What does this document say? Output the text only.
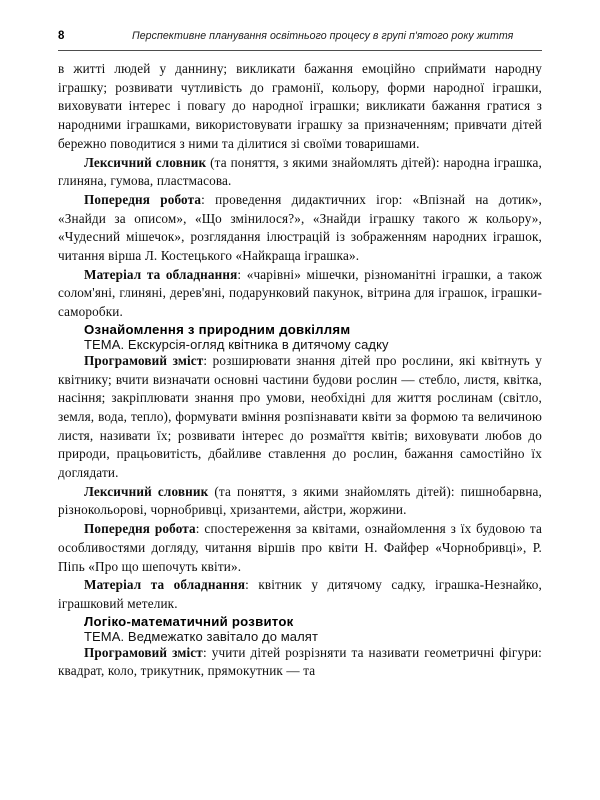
8	Перспективне планування освітнього процесу в групі п'ятого року життя

в житті людей у даннину; викликати бажання емоційно сприймати народну іграшку; розвивати чутливість до грамонії, кольору, форми народної іграшки, виховувати інтерес і повагу до народної іграшки; викликати бажання гратися з народними іграшками, використовувати іграшку за призначенням; привчати дітей бережно поводитися з ними та ділитися зі своїми товаришами.

Лексичний словник (та поняття, з якими знайомлять дітей): народна іграшка, глиняна, гумова, пластмасова.

Попередня робота: проведення дидактичних ігор: «Впізнай на дотик», «Знайди за описом», «Що змінилося?», «Знайди іграшку такого ж кольору», «Чудесний мішечок», розглядання ілюстрацій із зображенням народних іграшок, читання вірша Л. Костецького «Найкраща іграшка».

Матеріал та обладнання: «чарівні» мішечки, різноманітні іграшки, а також солом'яні, глиняні, дерев'яні, подарунковий пакунок, вітрина для іграшок, іграшки-саморобки.

Ознайомлення з природним довкіллям

ТЕМА. Екскурсія-огляд квітника в дитячому садку

Програмовий зміст: розширювати знання дітей про рослини, які квітнуть у квітнику; вчити визначати основні частини будови рослин — стебло, листя, квітка, насіння; закріплювати знання про умови, необхідні для життя рослинам (світло, земля, вода, тепло), формувати вміння розпізнавати квіти за формою та величиною листя, називати їх; розвивати інтерес до розмаїття квітів; виховувати любов до природи, працьовитість, дбайливе ставлення до рослин, бажання самостійно їх доглядати.

Лексичний словник (та поняття, з якими знайомлять дітей): пишнобарвна, різнокольорові, чорнобривці, хризантеми, айстри, жоржини.

Попередня робота: спостереження за квітами, ознайомлення з їх будовою та особливостями догляду, читання віршів про квіти Н. Файфер «Чорнобривці», Р. Піпь «Про що шепочуть квіти».

Матеріал та обладнання: квітник у дитячому садку, іграшка-Незнайко, іграшковий метелик.

Логіко-математичний розвиток

ТЕМА. Ведмежатко завітало до малят

Програмовий зміст: учити дітей розрізняти та називати геометричні фігури: квадрат, коло, трикутник, прямокутник — та
